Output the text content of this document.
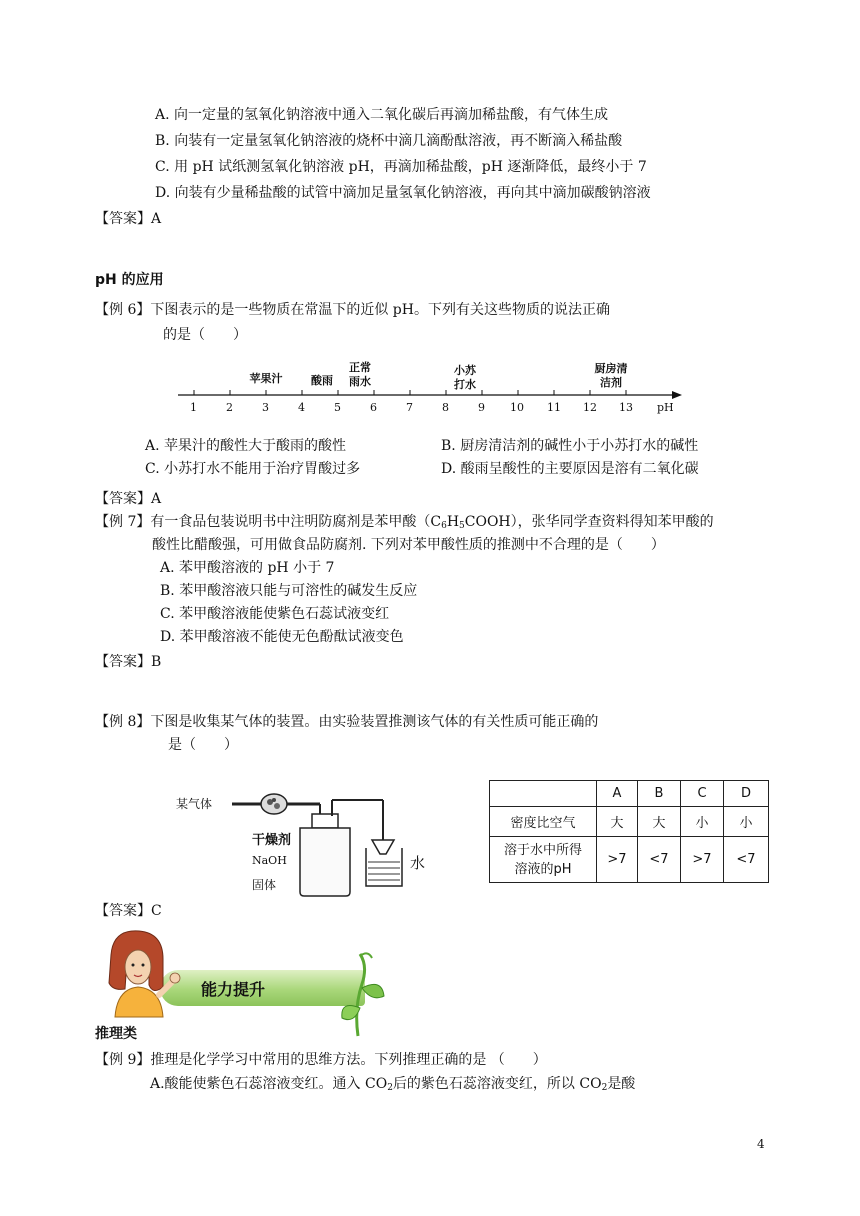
A. 向一定量的氢氧化钠溶液中通入二氧化碳后再滴加稀盐酸，有气体生成
B. 向装有一定量氢氧化钠溶液的烧杯中滴几滴酚酞溶液，再不断滴入稀盐酸
C. 用 pH 试纸测氢氧化钠溶液 pH，再滴加稀盐酸，pH 逐渐降低，最终小于 7
D. 向装有少量稀盐酸的试管中滴加足量氢氧化钠溶液，再向其中滴加碳酸钠溶液
【答案】A
pH 的应用
【例 6】下图表示的是一些物质在常温下的近似 pH。下列有关这些物质的说法正确
的是（　　）
1	2	3	4	5	6	7	8	9 10 11 12 13 pH
苹果汁	酸雨
正常
雨水
小苏
打水
厨房清
洁剂
A. 苹果汁的酸性大于酸雨的酸性	B. 厨房清洁剂的碱性小于小苏打水的碱性
C. 小苏打水不能用于治疗胃酸过多	D. 酸雨呈酸性的主要原因是溶有二氧化碳
【答案】A
【例 7】有一食品包装说明书中注明防腐剂是苯甲酸$(C_6H_5COOH)$，张华同学查资料得知苯甲酸的
酸性比醋酸强，可用做食品防腐剂. 下列对苯甲酸性质的推测中不合理的是（　　）
A. 苯甲酸溶液的 pH 小于 7
B. 苯甲酸溶液只能与可溶性的碱发生反应
C. 苯甲酸溶液能使紫色石蕊试液变红
D. 苯甲酸溶液不能使无色酚酞试液变色
【答案】B
【例 8】下图是收集某气体的装置。由实验装置推测该气体的有关性质可能正确的
是（　　）
某气体
干燥剂
NaOH
固体
水
	A	B	C	D
密度比空气	大	大	小	小

溶于水中所得
溶液的pH	>7	<7	>7	<7
【答案】C
能力提升
推理类
【例 9】推理是化学学习中常用的思维方法。下列推理正确的是 （　　）
A.酸能使紫色石蕊溶液变红。通入 $CO_2$后的紫色石蕊溶液变红，所以 $CO_2$是酸
4
